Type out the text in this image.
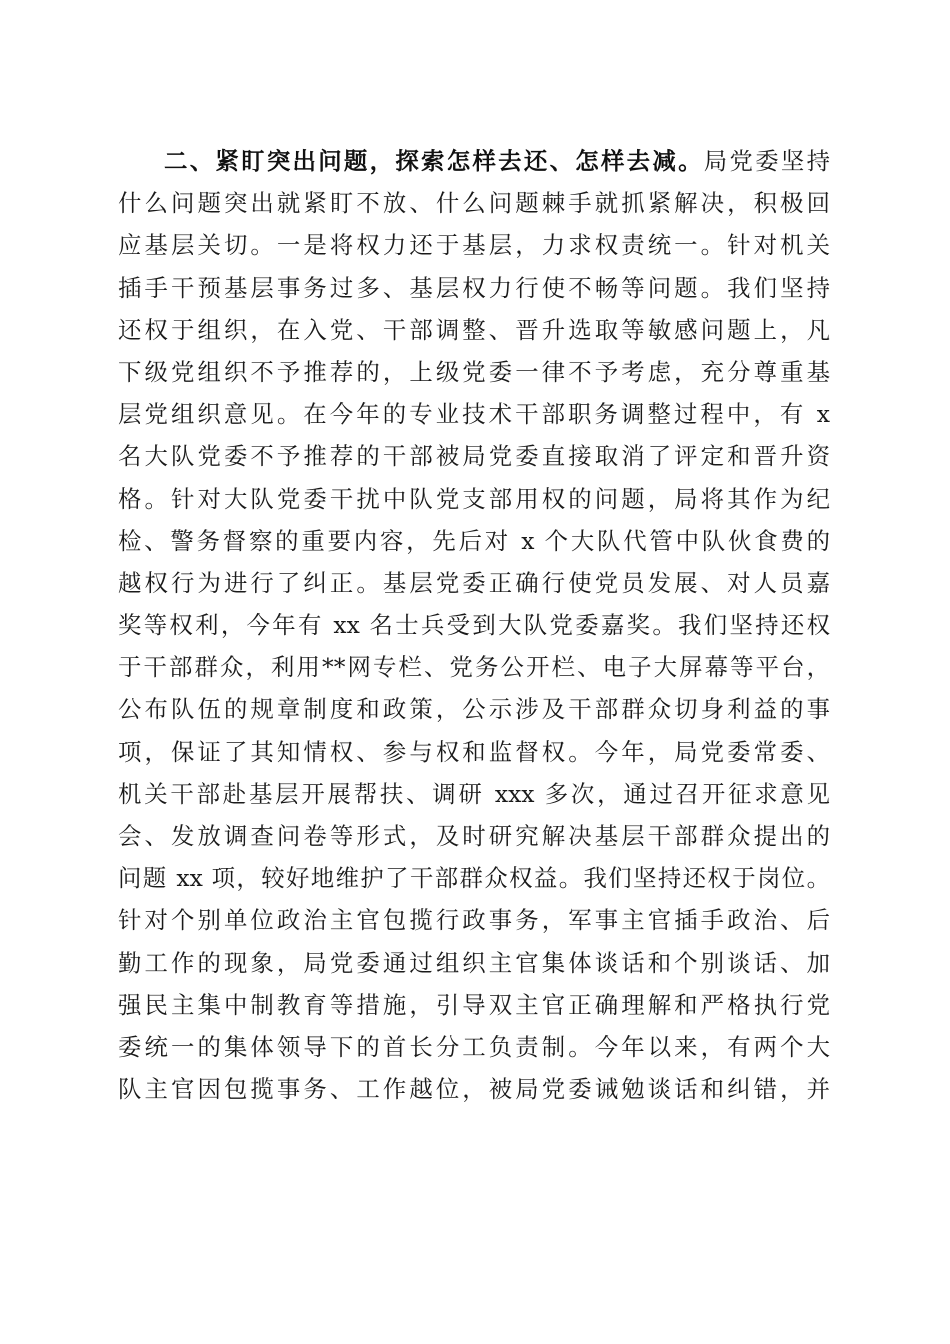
二、紧盯突出问题，探索怎样去还、怎样去减。局党委坚持
什么问题突出就紧盯不放、什么问题棘手就抓紧解决，积极回
应基层关切。一是将权力还于基层，力求权责统一。针对机关
插手干预基层事务过多、基层权力行使不畅等问题。我们坚持
还权于组织，在入党、干部调整、晋升选取等敏感问题上，凡
下级党组织不予推荐的，上级党委一律不予考虑，充分尊重基
层党组织意见。在今年的专业技术干部职务调整过程中，有 x
名大队党委不予推荐的干部被局党委直接取消了评定和晋升资
格。针对大队党委干扰中队党支部用权的问题，局将其作为纪
检、警务督察的重要内容，先后对 x 个大队代管中队伙食费的
越权行为进行了纠正。基层党委正确行使党员发展、对人员嘉
奖等权利，今年有 xx 名士兵受到大队党委嘉奖。我们坚持还权
于干部群众，利用**网专栏、党务公开栏、电子大屏幕等平台，
公布队伍的规章制度和政策，公示涉及干部群众切身利益的事
项，保证了其知情权、参与权和监督权。今年，局党委常委、
机关干部赴基层开展帮扶、调研 xxx 多次，通过召开征求意见
会、发放调查问卷等形式，及时研究解决基层干部群众提出的
问题 xx 项，较好地维护了干部群众权益。我们坚持还权于岗位。
针对个别单位政治主官包揽行政事务，军事主官插手政治、后
勤工作的现象，局党委通过组织主官集体谈话和个别谈话、加
强民主集中制教育等措施，引导双主官正确理解和严格执行党
委统一的集体领导下的首长分工负责制。今年以来，有两个大
队主官因包揽事务、工作越位，被局党委诫勉谈话和纠错，并
